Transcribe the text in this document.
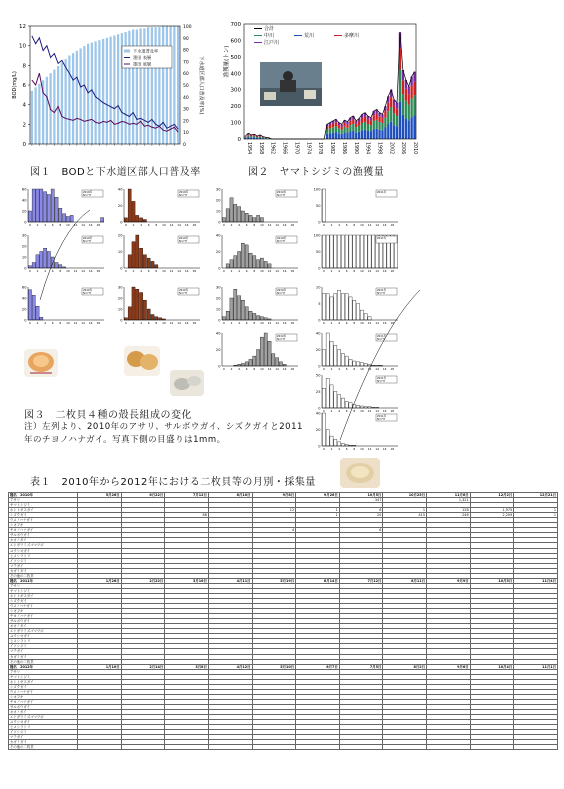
0
2
4
6
8
10
12
0
10
20
30
40
50
60
70
80
90
100
BOD(mg/L)	下水道区部人口普及率(%)
下水道普及率
墨田 表層
墨田 底層
図１　BODと下水道区部人口普及率
0
100
200
300
400
500
600
700
1954 1958 1962 1966 1970 1974 1978 1982 1986 1990 1994 1998 2002 2006 2010
漁獲量(トン)
合計
中川	荒川	多摩川
江戸川
図２　ヤマトシジミの漁獲量
0
20
40
60
0 2 4 6 8 10 12 14 16 18
2010年
N=???
0
10
20
30
0 2 4 6 8 10 12 14 16 18
2010年
N=???
0
20
40
60
0 2 4 6 8 10 12 14 16 18
2010年
N=???
0
20
40
0 2 4 6 8 10 12 14 16 18
2010年
N=???
0
10
20
0 2 4 6 8 10 12 14 16 18
2010年
N=???
0
10
20
30
0 2 4 6 8 10 12 14 16 18
2010年
N=???
0
10
20
30
0 2 4 6 8 10 12 14 16 18
2010年
N=???
0
20
40
0 2 4 6 8 10 12 14 16 18
2010年
N=???
0
10
20
30
0 2 4 6 8 10 12 14 16 18
2010年
N=???
0
20
40
0 2 4 6 8 10 12 14 16 18
2010年
N=???
0
50
100
0 2 4 6 8 10 12 14 16 18
2011年
0
50
100
0 2 4 6 8 10 12 14 16 18
2011年
0
5
10
0 2 4 6 8 10 12 14 16 18
2011年
N=???
0
20
40
0 2 4 6 8 10 12 14 16 18
2011年
N=???
0
25
50
0 2 4 6 8 10 12 14 16 18
2011年
N=???
0
20
40
0 2 4 6 8 10 12 14 16 18
2011年
N=???
図３　二枚貝４種の殻長組成の変化
注）左列より、2010年のアサリ、サルボウガイ、シズクガイと2011
年のチヨノハナガイ。写真下側の目盛りは1mm。
表１　2010年から2012年における二枚貝等の月別・採集量
種名　2010年	5月26日	6月22日	7月12日	8月10日	9月8日	9月26日	10月5日	10月25日	11月6日	12月2日	12月21日
アサリ							347		1,321		
ヤマトシジミ											
ホトトギスガイ					12	1	6	1	128	1,975	1
シズクガイ			88			1	20	415	246	2,209	1
ウメノハナガイ											
シオフキ											
チヨノハナガイ					4		6				
サルボウガイ											
オオノガイ											
エドガワミズゴマツボ											
ユウシオガイ											
ヒメシラトリ											
イソシジミ											
マテガイ											
カガミガイ											
その他の二枚貝											
種名　2011年	1月26日	2月22日	3月16日	4月11日	5月19日	6月14日	7月12日	8月11日	9月9日	10月5日	11月4日
アサリ											
ヤマトシジミ											
ホトトギスガイ											
シズクガイ											
ウメノハナガイ											
シオフキ											
チヨノハナガイ											
サルボウガイ											
オオノガイ											
エドガワミズゴマツボ											
ユウシオガイ											
ヒメシラトリ											
イソシジミ											
マテガイ											
カガミガイ											
その他の二枚貝											
種名　2012年	1月10日	2月14日	3月8日	4月12日	5月10日	6月7日	7月5日	8月2日	9月6日	10月4日	11月1日
アサリ											
ヤマトシジミ											
ホトトギスガイ											
シズクガイ											
ウメノハナガイ											
シオフキ											
チヨノハナガイ											
サルボウガイ											
オオノガイ											
エドガワミズゴマツボ											
ユウシオガイ											
ヒメシラトリ											
イソシジミ											
マテガイ											
カガミガイ											
その他の二枚貝											
